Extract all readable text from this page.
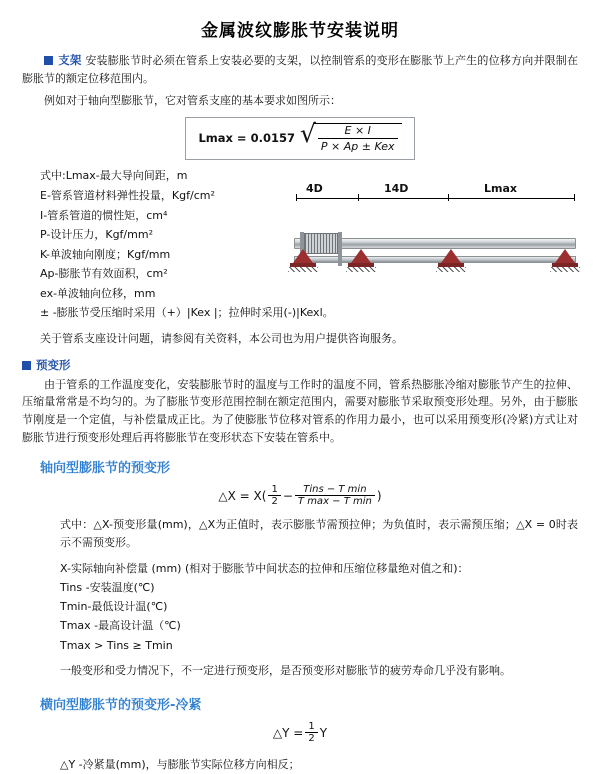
金属波纹膨胀节安装说明
支架 安装膨胀节时必须在管系上安装必要的支架，以控制管系的变形在膨胀节上产生的位移方向并限制在膨胀节的额定位移范围内。
例如对于轴向型膨胀节，它对管系支座的基本要求如图所示：
Lmax = 0.0157 √
$\frac{E \times I}{\text{P × Ap ± Kex}}$
式中:Lmax-最大导向间距，m
E-管系管道材料弹性投量，Kgf/cm²
I-管系管道的惯性矩，cm⁴
P-设计压力，Kgf/mm²
K-单波轴向刚度；Kgf/mm
Ap-膨胀节有效面积，cm²
ex-单波轴向位移，mm
± -膨胀节受压缩时采用（+）|Kex |；拉伸时采用(-)|Kexl。
关于管系支座设计问题，请参阅有关资料，本公司也为用户提供咨询服务。
4D	14D	Lmax
预变形
由于管系的工作温度变化，安装膨胀节时的温度与工作时的温度不同，管系热膨胀冷缩对膨胀节产生的拉伸、压缩量常常是不均匀的。为了膨胀节变形范围控制在额定范围内，需要对膨胀节采取预变形处理。另外，由于膨胀节刚度是一个定值，与补偿量成正比。为了使膨胀节位移对管系的作用力最小，也可以采用预变形(冷紧)方式让对膨胀节进行预变形处理后再将膨胀节在变形状态下安装在管系中。
轴向型膨胀节的预变形
△X = $X( \frac{1}{2}$ −	Tins − T min
T max − T min )
式中：△X-预变形量(mm)，△X为正值时，表示膨胀节需预拉伸；为负值时，表示需预压缩；△X = 0时表示不需预变形。

X-实际轴向补偿量 (mm) (相对于膨胀节中间状态的拉伸和压缩位移量绝对值之和)：

Tins -安装温度(℃)

Tmin-最低设计温(℃)

Tmax -最高设计温（℃)

Tmax > Tins ≥ Tmin

一般变形和受力情况下，不一定进行预变形，是否预变形对膨胀节的疲劳寿命几乎没有影响。
横向型膨胀节的预变形-冷紧
△Y = $\frac{1}{2}$ Y
△Y -冷紧量(mm)，与膨胀节实际位移方向相反；
